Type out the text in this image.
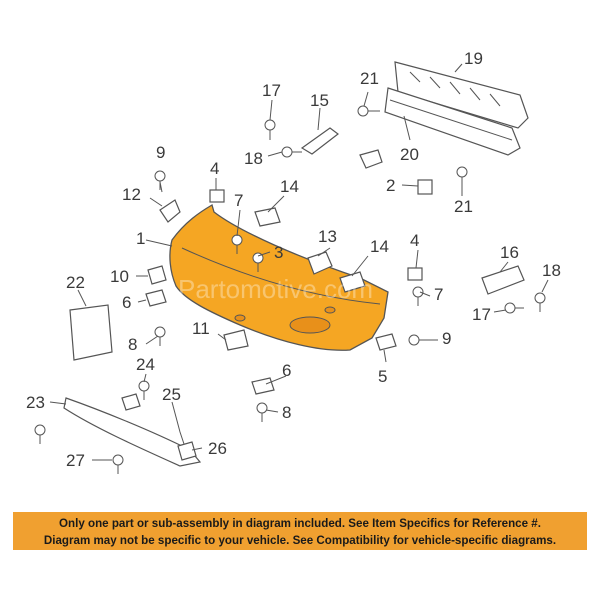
Partomotive.com
1
2
3
4
4
5
6
6
7
7
8
8
9
9
10
11
12
13
14
14
15
16
17
17
18
18
19
20
21
21
22
23
24
25
26
27
Only one part or sub-assembly in diagram included. See Item Specifics for Reference #.
Diagram may not be specific to your vehicle. See Compatibility for vehicle-specific diagrams.
